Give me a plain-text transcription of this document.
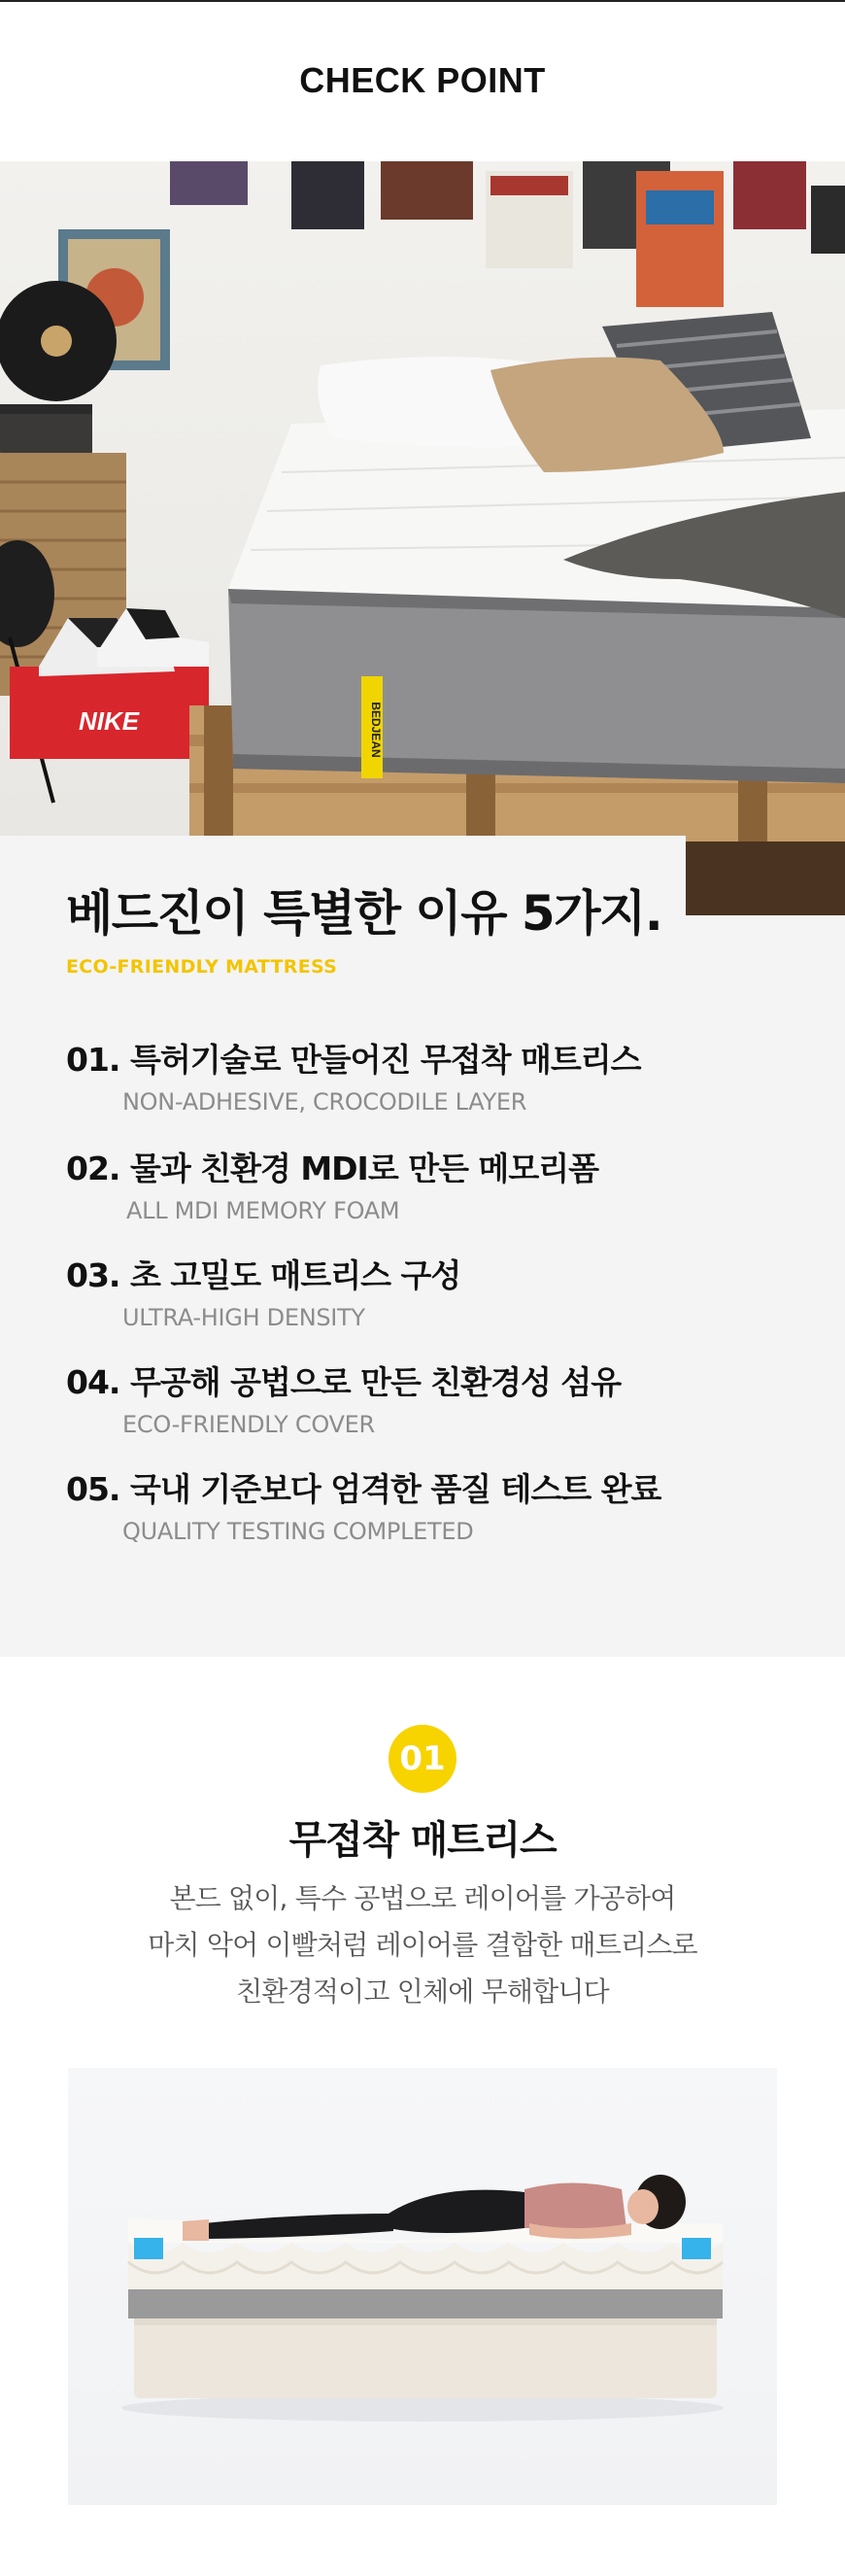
CHECK POINT
NIKE	BEDJEAN
베드진이 특별한 이유 5가지.
ECO-FRIENDLY MATTRESS
01. 특허기술로 만들어진 무접착 매트리스
NON-ADHESIVE, CROCODILE LAYER
02. 물과 친환경 MDI로 만든 메모리폼
ALL MDI MEMORY FOAM
03. 초 고밀도 매트리스 구성
ULTRA-HIGH DENSITY
04. 무공해 공법으로 만든 친환경성 섬유
ECO-FRIENDLY COVER
05. 국내 기준보다 엄격한 품질 테스트 완료
QUALITY TESTING COMPLETED
01
무접착 매트리스
본드 없이, 특수 공법으로 레이어를 가공하여
마치 악어 이빨처럼 레이어를 결합한 매트리스로
친환경적이고 인체에 무해합니다
